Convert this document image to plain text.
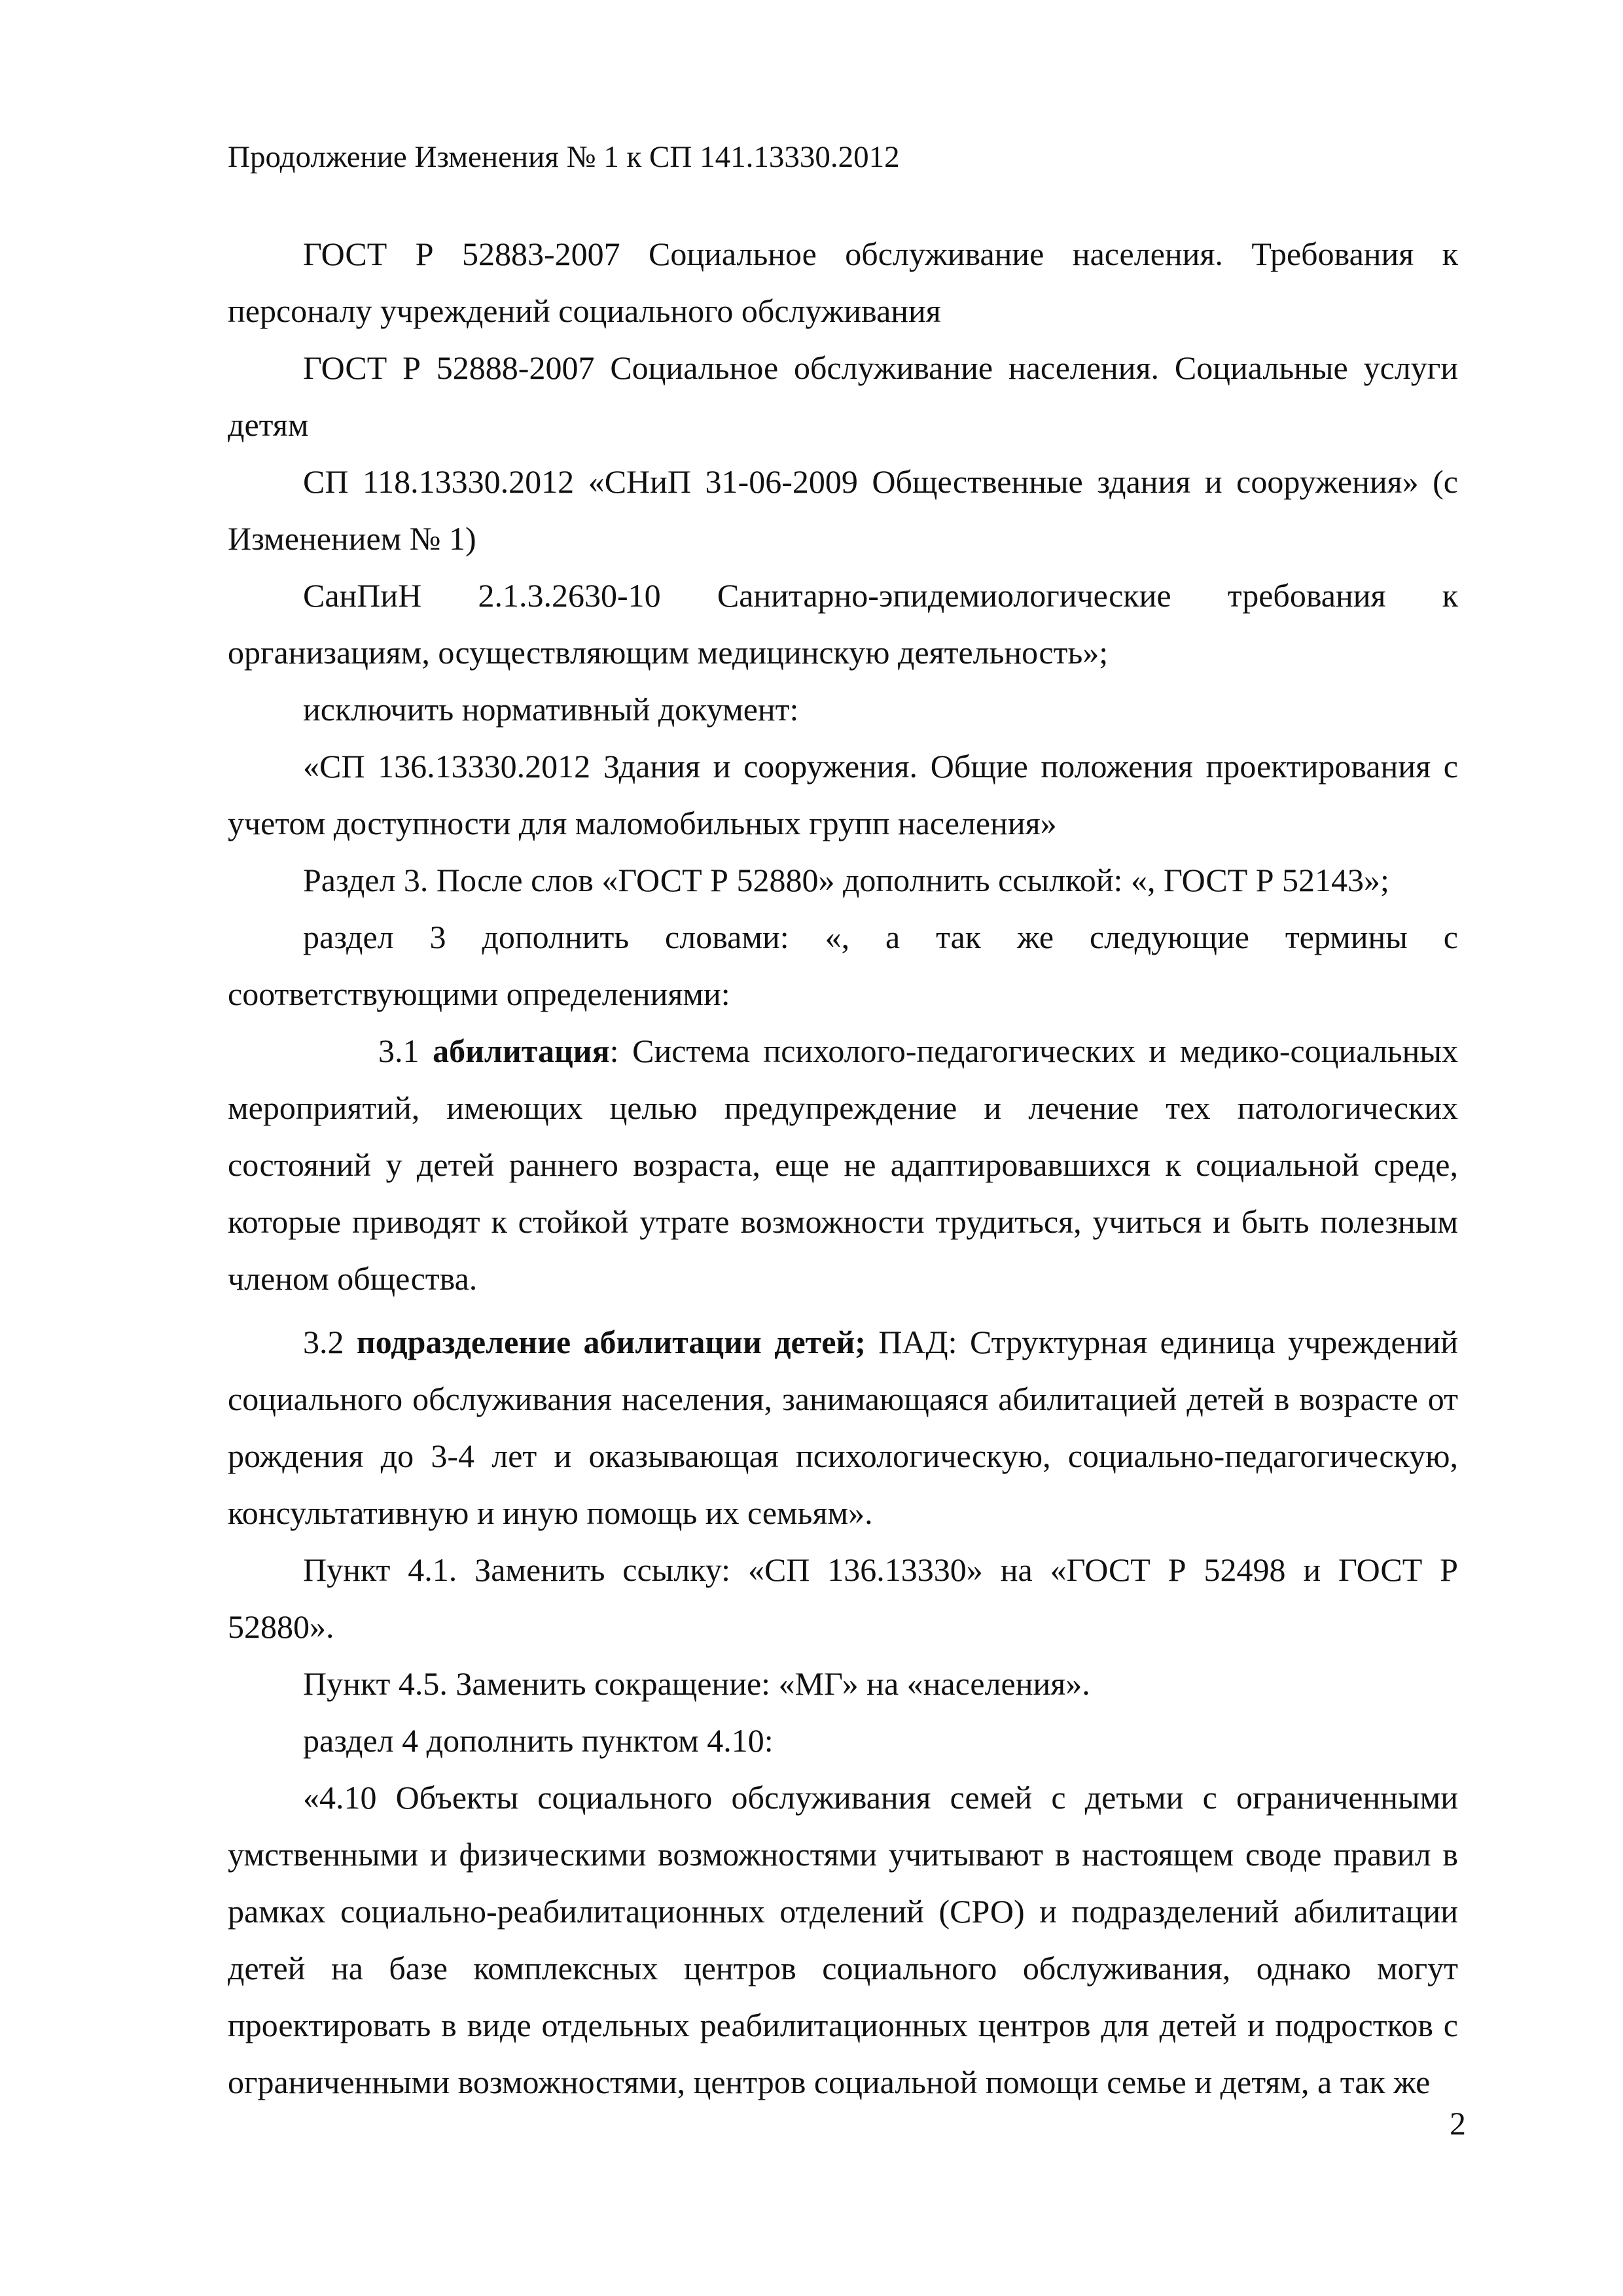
Продолжение Изменения № 1 к СП 141.13330.2012

ГОСТ Р 52883-2007 Социальное обслуживание населения. Требования к персоналу учреждений социального обслуживания

ГОСТ Р 52888-2007 Социальное обслуживание населения. Социальные услуги детям

СП 118.13330.2012 «СНиП 31-06-2009 Общественные здания и сооружения» (с Изменением № 1)

СанПиН 2.1.3.2630-10 Санитарно-эпидемиологические требования к организациям, осуществляющим медицинскую деятельность»;

исключить нормативный документ:

«СП 136.13330.2012 Здания и сооружения. Общие положения проектирования с учетом доступности для маломобильных групп населения»

Раздел 3. После слов «ГОСТ Р 52880» дополнить ссылкой: «, ГОСТ Р 52143»;

раздел 3 дополнить словами: «, а так же следующие термины с соответствующими определениями:

3.1 абилитация: Система психолого-педагогических и медико-социальных мероприятий, имеющих целью предупреждение и лечение тех патологических состояний у детей раннего возраста, еще не адаптировавшихся к социальной среде, которые приводят к стойкой утрате возможности трудиться, учиться и быть полезным членом общества.

3.2 подразделение абилитации детей; ПАД: Структурная единица учреждений социального обслуживания населения, занимающаяся абилитацией детей в возрасте от рождения до 3-4 лет и оказывающая психологическую, социально-педагогическую, консультативную и иную помощь их семьям».

Пункт 4.1. Заменить ссылку: «СП 136.13330» на «ГОСТ Р 52498 и ГОСТ Р 52880».

Пункт 4.5. Заменить сокращение: «МГ» на «населения».

раздел 4 дополнить пунктом 4.10:

«4.10 Объекты социального обслуживания семей с детьми с ограниченными умственными и физическими возможностями учитывают в настоящем своде правил в рамках социально-реабилитационных отделений (СРО) и подразделений абилитации детей на базе комплексных центров социального обслуживания, однако могут проектировать в виде отдельных реабилитационных центров для детей и подростков с ограниченными возможностями, центров социальной помощи семье и детям, а так же

2
